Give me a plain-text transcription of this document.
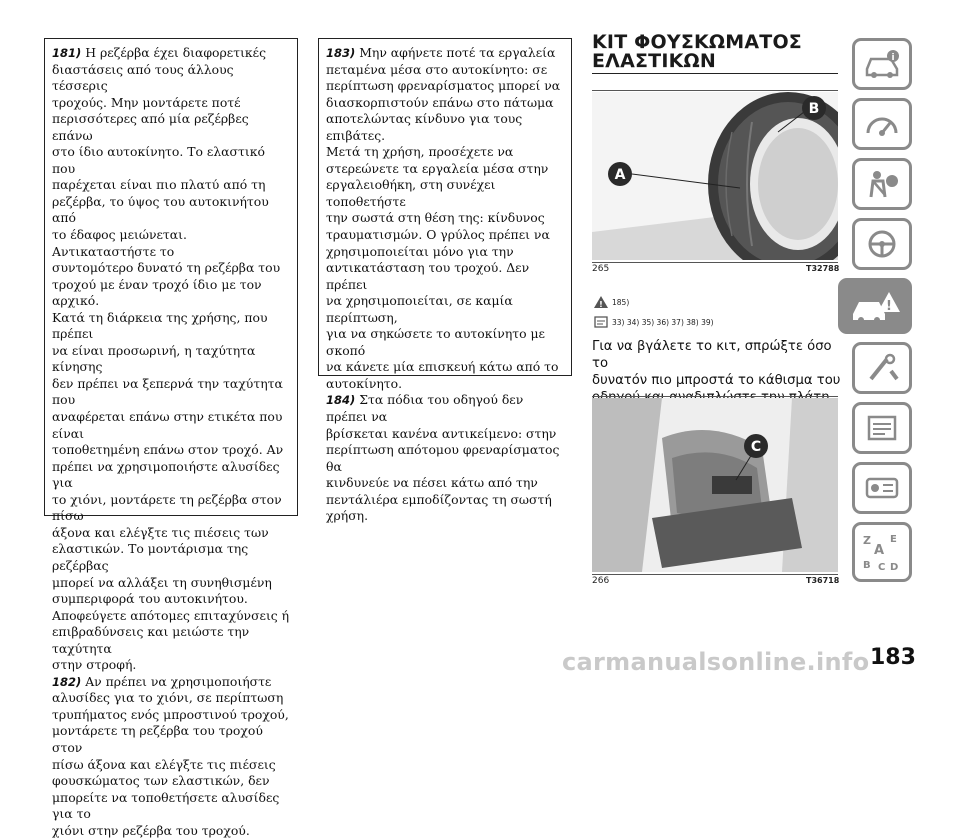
181) Η ρεζέρβα έχει διαφορετικές
διαστάσεις από τους άλλους τέσσερις
τροχούς. Μην μοντάρετε ποτέ
περισσότερες από μία ρεζέρβες επάνω
στο ίδιο αυτοκίνητο. Το ελαστικό που
παρέχεται είναι πιο πλατύ από τη
ρεζέρβα, το ύψος του αυτοκινήτου από
το έδαφος μειώνεται. Αντικαταστήστε το
συντομότερο δυνατό τη ρεζέρβα του
τροχού με έναν τροχό ίδιο με τον αρχικό.
Κατά τη διάρκεια της χρήσης, που πρέπει
να είναι προσωρινή, η ταχύτητα κίνησης
δεν πρέπει να ξεπερνά την ταχύτητα που
αναφέρεται επάνω στην ετικέτα που είναι
τοποθετημένη επάνω στον τροχό. Αν
πρέπει να χρησιμοποιήστε αλυσίδες για
το χιόνι, μοντάρετε τη ρεζέρβα στον πίσω
άξονα και ελέγξτε τις πιέσεις των
ελαστικών. Το μοντάρισμα της ρεζέρβας
μπορεί να αλλάξει τη συνηθισμένη
συμπεριφορά του αυτοκινήτου.
Αποφεύγετε απότομες επιταχύνσεις ή
επιβραδύνσεις και μειώστε την ταχύτητα
στην στροφή.

182) Αν πρέπει να χρησιμοποιήστε
αλυσίδες για το χιόνι, σε περίπτωση
τρυπήματος ενός μπροστινού τροχού,
μοντάρετε τη ρεζέρβα του τροχού στον
πίσω άξονα και ελέγξτε τις πιέσεις
φουσκώματος των ελαστικών, δεν
μπορείτε να τοποθετήσετε αλυσίδες για το
χιόνι στην ρεζέρβα του τροχού.

183) Μην αφήνετε ποτέ τα εργαλεία
πεταμένα μέσα στο αυτοκίνητο: σε
περίπτωση φρεναρίσματος μπορεί να
διασκορπιστούν επάνω στο πάτωμα
αποτελώντας κίνδυνο για τους επιβάτες.
Μετά τη χρήση, προσέχετε να
στερεώνετε τα εργαλεία μέσα στην
εργαλειοθήκη, στη συνέχει τοποθετήστε
την σωστά στη θέση της: κίνδυνος
τραυματισμών. Ο γρύλος πρέπει να
χρησιμοποιείται μόνο για την
αντικατάσταση του τροχού. Δεν πρέπει
να χρησιμοποιείται, σε καμία περίπτωση,
για να σηκώσετε το αυτοκίνητο με σκοπό
να κάνετε μία επισκευή κάτω από το
αυτοκίνητο.

184) Στα πόδια του οδηγού δεν πρέπει να
βρίσκεται κανένα αντικείμενο: στην
περίπτωση απότομου φρεναρίσματος θα
κινδυνεύε να πέσει κάτω από την
πεντάλιέρα εμποδίζοντας τη σωστή
χρήση.

ΚΙΤ ΦΟΥΣΚΩΜΑΤΟΣ
ΕΛΑΣΤΙΚΩΝ
A
B
265	T32788
! 185)
33) 34) 35) 36) 37) 38) 39)
Για να βγάλετε το κιτ, σπρώξτε όσο το
δυνατόν πιο μπροστά το κάθισμα του

C
266	T36718
i
!
Z E
A
B C D
183
carmanualsonline.info
